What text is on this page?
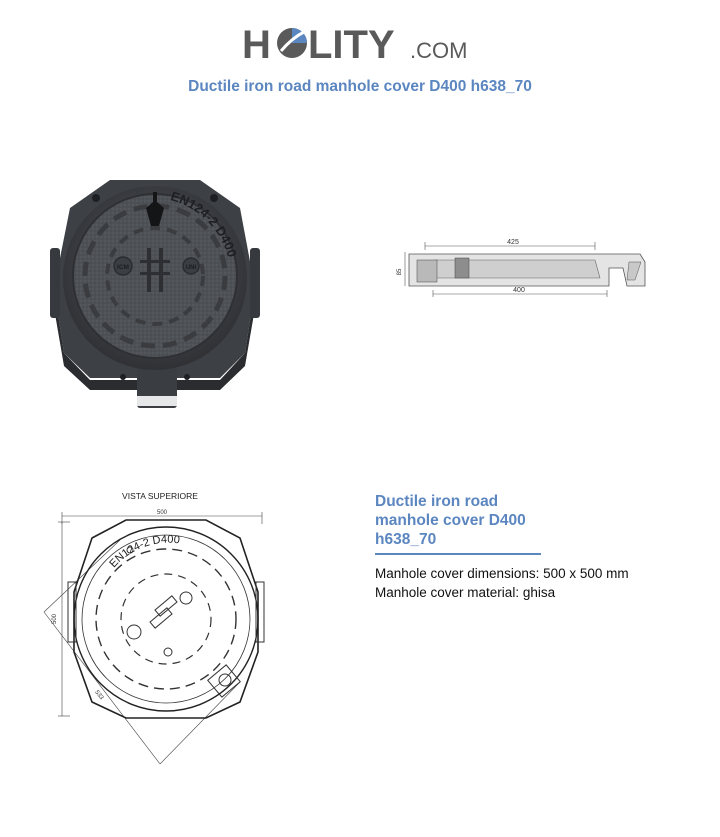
H LITY .COM
Ductile iron road manhole cover D400 h638_70
ICM	UNI
EN124-2 D400
425
400
85
VISTA SUPERIORE
EN124-2 D400
500
500
533
Ductile iron road
manhole cover D400
h638_70
Manhole cover dimensions: 500 x 500 mm
Manhole cover material: ghisa
